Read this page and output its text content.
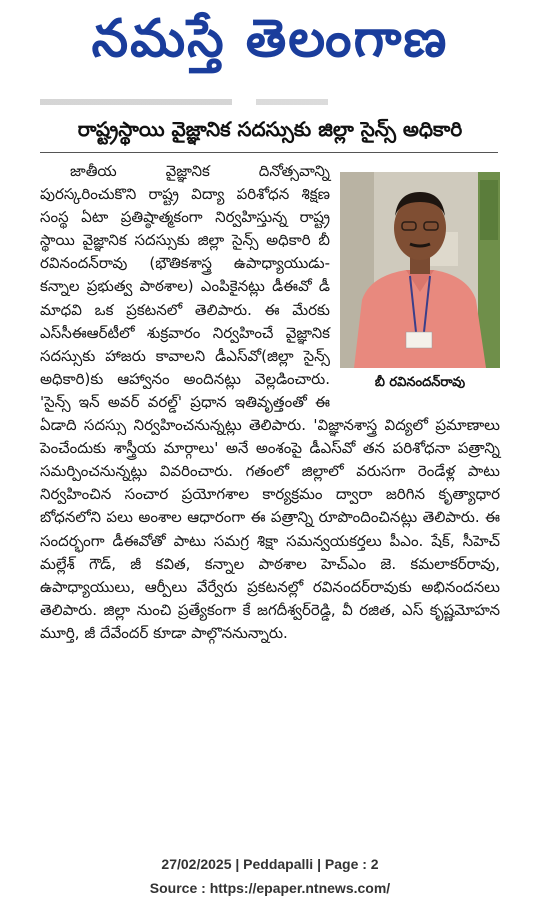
నమస్తే తెలంగాణ
రాష్ట్రస్థాయి వైజ్ఞానిక సదస్సుకు జిల్లా సైన్స్‌ అధికారి
బీ రవినందన్‌రావు

జాతీయ వైజ్ఞానిక దినోత్సవాన్ని పురస్కరించుకొని రాష్ట్ర విద్యా పరిశోధన శిక్షణ సంస్థ ఏటా ప్రతిష్ఠాత్మకంగా నిర్వహిస్తున్న రాష్ట్ర స్థాయి వైజ్ఞానిక సదస్సుకు జిల్లా సైన్స్‌ అధికారి బీ రవినందన్‌రావు (భౌతికశాస్త్ర ఉపాధ్యాయుడు-కన్నాల ప్రభుత్వ పాఠశాల) ఎంపికైనట్లు డీఈవో డీ మాధవి ఒక ప్రకటనలో తెలిపారు. ఈ మేరకు ఎస్‌సీఈఆర్‌టీలో శుక్రవారం నిర్వహించే వైజ్ఞానిక సదస్సుకు హాజరు కావాలని డీఎస్‌వో(జిల్లా సైన్స్‌ అధికారి)కు ఆహ్వానం అందినట్లు వెల్లడించారు. 'సైన్స్‌ ఇన్‌ అవర్‌ వరల్డ్‌' ప్రధాన ఇతివృత్తంతో ఈ ఏడాది సదస్సు నిర్వహించనున్నట్లు తెలిపారు. 'విజ్ఞానశాస్త్ర విద్యలో ప్రమాణాలు పెంచేందుకు శాస్త్రీయ మార్గాలు' అనే అంశంపై డీఎస్‌వో తన పరిశోధనా పత్రాన్ని సమర్పించనున్నట్లు వివరించారు. గతంలో జిల్లాలో వరుసగా రెండేళ్ల పాటు నిర్వహించిన సంచార ప్రయోగశాల కార్యక్రమం ద్వారా జరిగిన కృత్యాధార బోధనలోని పలు అంశాల ఆధారంగా ఈ పత్రాన్ని రూపొందించినట్లు తెలిపారు. ఈ సందర్భంగా డీఈవోతో పాటు సమగ్ర శిక్షా సమన్వయకర్తలు పీఎం. షేక్‌, సీహెచ్‌ మల్లేశ్‌ గౌడ్‌, జీ కవిత, కన్నాల పాఠశాల హెచ్‌ఎం జె. కమలాకర్‌రావు, ఉపాధ్యాయులు, ఆర్పీలు వేర్వేరు ప్రకటనల్లో రవినందర్‌రావుకు అభినందనలు తెలిపారు. జిల్లా నుంచి ప్రత్యేకంగా కే జగదీశ్వర్‌రెడ్డి, వీ రజిత, ఎస్‌ కృష్ణమోహన మూర్తి, జీ దేవేందర్‌ కూడా పాల్గొననున్నారు.

27/02/2025 | Peddapalli | Page : 2
Source : https://epaper.ntnews.com/
